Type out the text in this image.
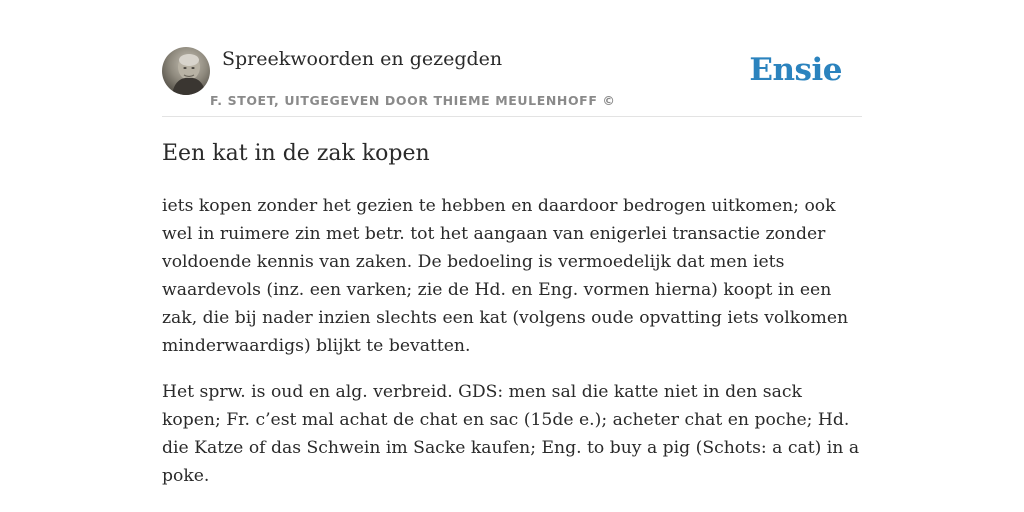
Spreekwoorden en gezegden
F. STOET, UITGEGEVEN DOOR THIEME MEULENHOFF ©
Ensie
Een kat in de zak kopen

iets kopen zonder het gezien te hebben en daardoor bedrogen uitkomen; ook wel in ruimere zin met betr. tot het aangaan van enigerlei transactie zonder voldoende kennis van zaken. De bedoeling is vermoedelijk dat men iets waardevols (inz. een varken; zie de Hd. en Eng. vormen hierna) koopt in een zak, die bij nader inzien slechts een kat (volgens oude opvatting iets volkomen minderwaardigs) blijkt te bevatten.

Het sprw. is oud en alg. verbreid. GDS: men sal die katte niet in den sack kopen; Fr. c’est mal achat de chat en sac (15de e.); acheter chat en poche; Hd. die Katze of das Schwein im Sacke kaufen; Eng. to buy a pig (Schots: a cat) in a poke.
